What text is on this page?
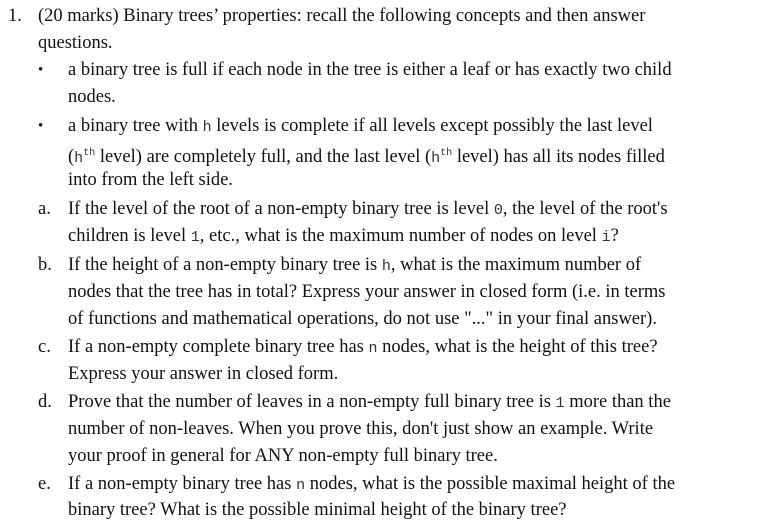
1. (20 marks) Binary trees’ properties: recall the following concepts and then answer
questions.
• a binary tree is full if each node in the tree is either a leaf or has exactly two child
nodes.
• a binary tree with h levels is complete if all levels except possibly the last level
($h^{th}$ level) are completely full, and the last level ($h^{th}$ level) has all its nodes filled
into from the left side.
a. If the level of the root of a non-empty binary tree is level 0, the level of the root's
children is level 1, etc., what is the maximum number of nodes on level i?
b. If the height of a non-empty binary tree is h, what is the maximum number of
nodes that the tree has in total? Express your answer in closed form (i.e. in terms
of functions and mathematical operations, do not use "..." in your final answer).
c. If a non-empty complete binary tree has n nodes, what is the height of this tree?
Express your answer in closed form.
d. Prove that the number of leaves in a non-empty full binary tree is 1 more than the
number of non-leaves. When you prove this, don't just show an example. Write
your proof in general for ANY non-empty full binary tree.
e. If a non-empty binary tree has n nodes, what is the possible maximal height of the
binary tree? What is the possible minimal height of the binary tree?
